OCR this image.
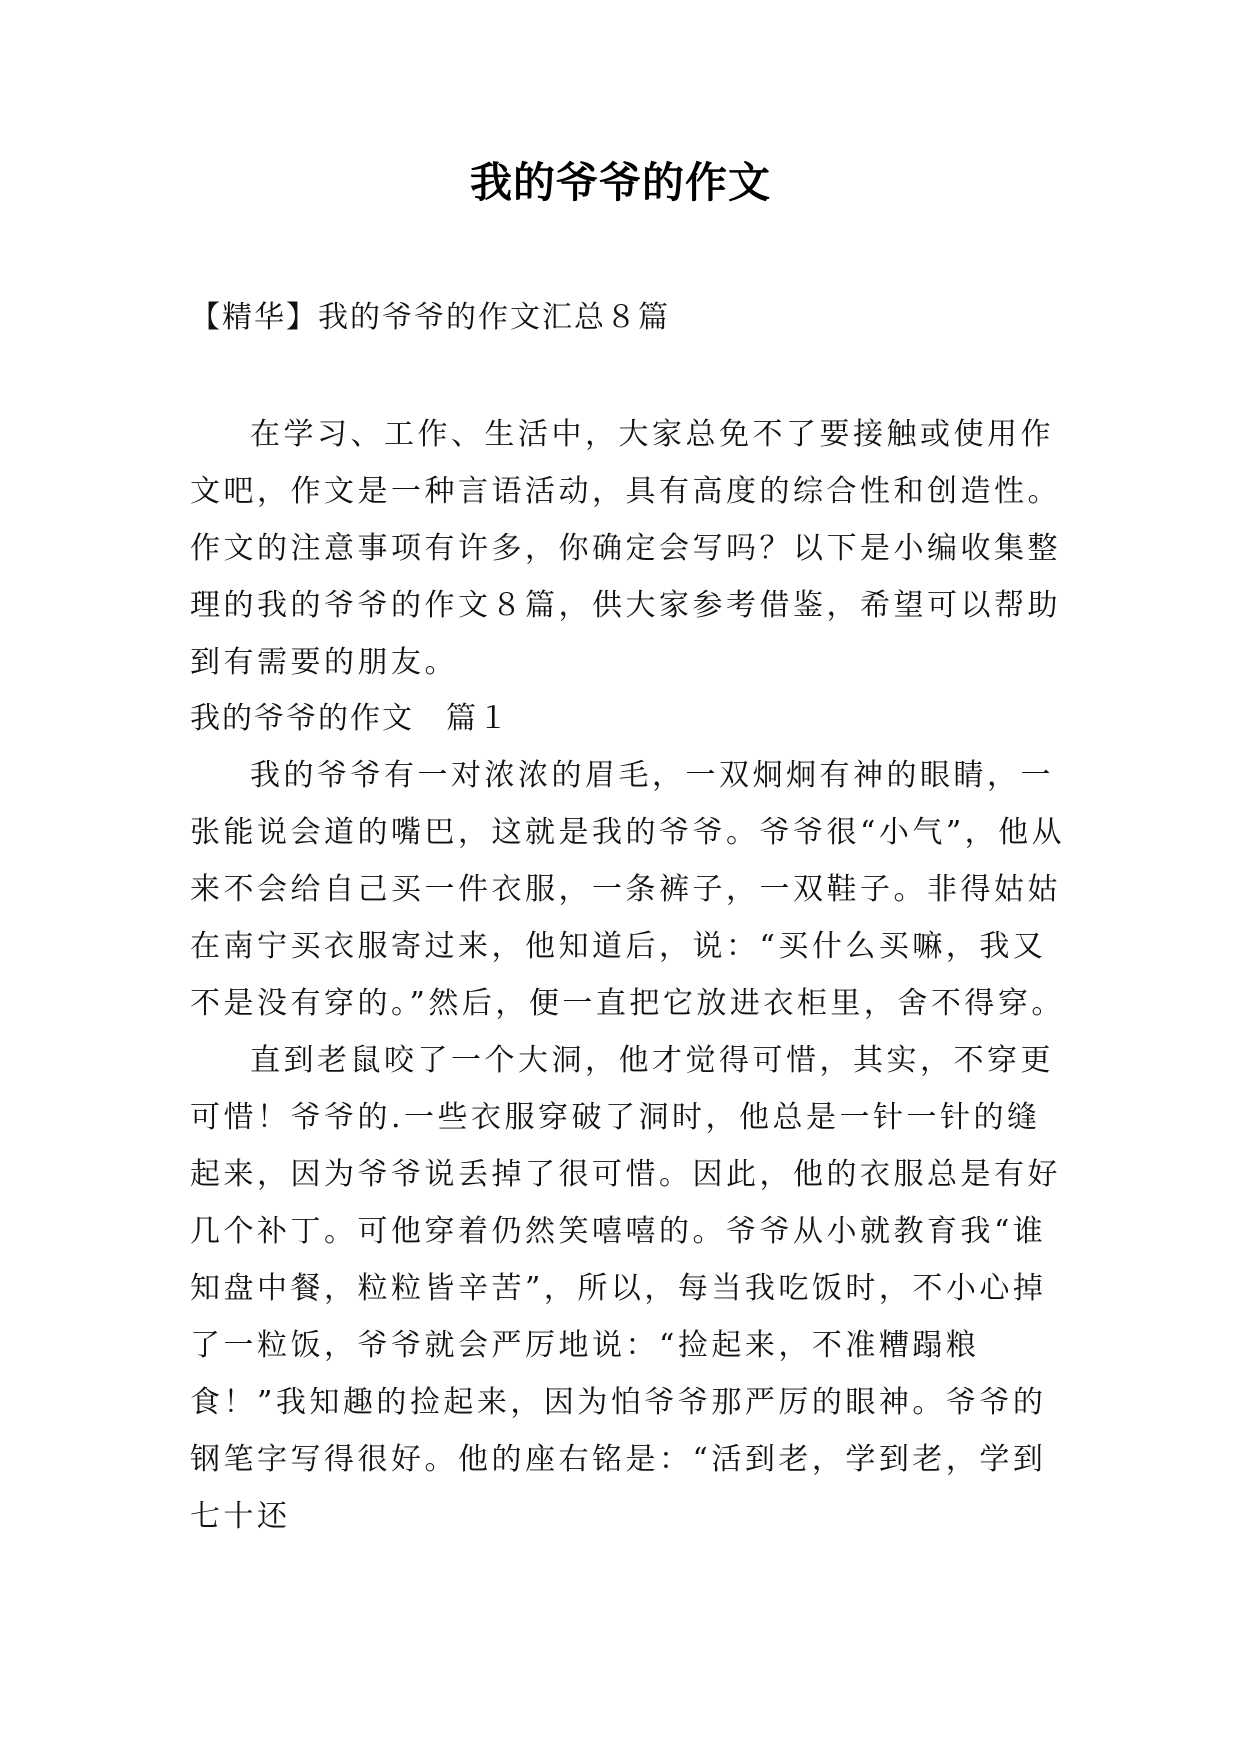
我的爷爷的作文
【精华】我的爷爷的作文汇总８篇

在学习、工作、生活中，大家总免不了要接触或使用作文吧，作文是一种言语活动，具有高度的综合性和创造性。作文的注意事项有许多，你确定会写吗？以下是小编收集整理的我的爷爷的作文８篇，供大家参考借鉴，希望可以帮助到有需要的朋友。

我的爷爷的作文　篇１

我的爷爷有一对浓浓的眉毛，一双炯炯有神的眼睛，一张能说会道的嘴巴，这就是我的爷爷。爷爷很“小气”，他从来不会给自己买一件衣服，一条裤子，一双鞋子。非得姑姑在南宁买衣服寄过来，他知道后，说：“买什么买嘛，我又不是没有穿的。”然后，便一直把它放进衣柜里，舍不得穿。

直到老鼠咬了一个大洞，他才觉得可惜，其实，不穿更可惜！爷爷的.一些衣服穿破了洞时，他总是一针一针的缝起来，因为爷爷说丢掉了很可惜。因此，他的衣服总是有好几个补丁。可他穿着仍然笑嘻嘻的。爷爷从小就教育我“谁知盘中餐，粒粒皆辛苦”，所以，每当我吃饭时，不小心掉了一粒饭，爷爷就会严厉地说：“捡起来，不准糟蹋粮食！”我知趣的捡起来，因为怕爷爷那严厉的眼神。爷爷的钢笔字写得很好。他的座右铭是：“活到老，学到老，学到七十还
